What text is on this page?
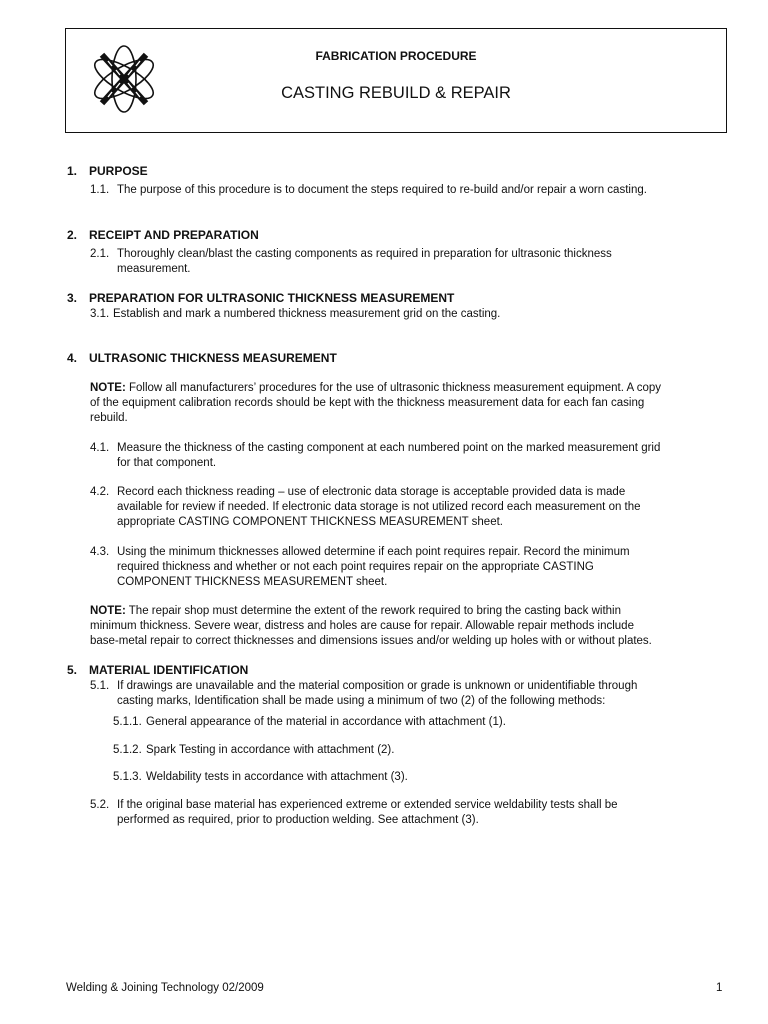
FABRICATION PROCEDURE
CASTING REBUILD & REPAIR
1. PURPOSE
1.1. The purpose of this procedure is to document the steps required to re-build and/or repair a worn casting.
2. RECEIPT AND PREPARATION
2.1. Thoroughly clean/blast the casting components as required in preparation for ultrasonic thickness
measurement.
3. PREPARATION FOR ULTRASONIC THICKNESS MEASUREMENT
3.1. Establish and mark a numbered thickness measurement grid on the casting.
4. ULTRASONIC THICKNESS MEASUREMENT
NOTE: Follow all manufacturers’ procedures for the use of ultrasonic thickness measurement equipment. A copy
of the equipment calibration records should be kept with the thickness measurement data for each fan casing
rebuild.
4.1. Measure the thickness of the casting component at each numbered point on the marked measurement grid
for that component.
4.2. Record each thickness reading – use of electronic data storage is acceptable provided data is made
available for review if needed. If electronic data storage is not utilized record each measurement on the
appropriate CASTING COMPONENT THICKNESS MEASUREMENT sheet.
4.3. Using the minimum thicknesses allowed determine if each point requires repair. Record the minimum
required thickness and whether or not each point requires repair on the appropriate CASTING
COMPONENT THICKNESS MEASUREMENT sheet.
NOTE: The repair shop must determine the extent of the rework required to bring the casting back within
minimum thickness. Severe wear, distress and holes are cause for repair. Allowable repair methods include
base-metal repair to correct thicknesses and dimensions issues and/or welding up holes with or without plates.
5. MATERIAL IDENTIFICATION
5.1. If drawings are unavailable and the material composition or grade is unknown or unidentifiable through
casting marks, Identification shall be made using a minimum of two (2) of the following methods:
5.1.1. General appearance of the material in accordance with attachment (1).
5.1.2. Spark Testing in accordance with attachment (2).
5.1.3. Weldability tests in accordance with attachment (3).
5.2. If the original base material has experienced extreme or extended service weldability tests shall be
performed as required, prior to production welding. See attachment (3).
Welding & Joining Technology 02/2009	1
